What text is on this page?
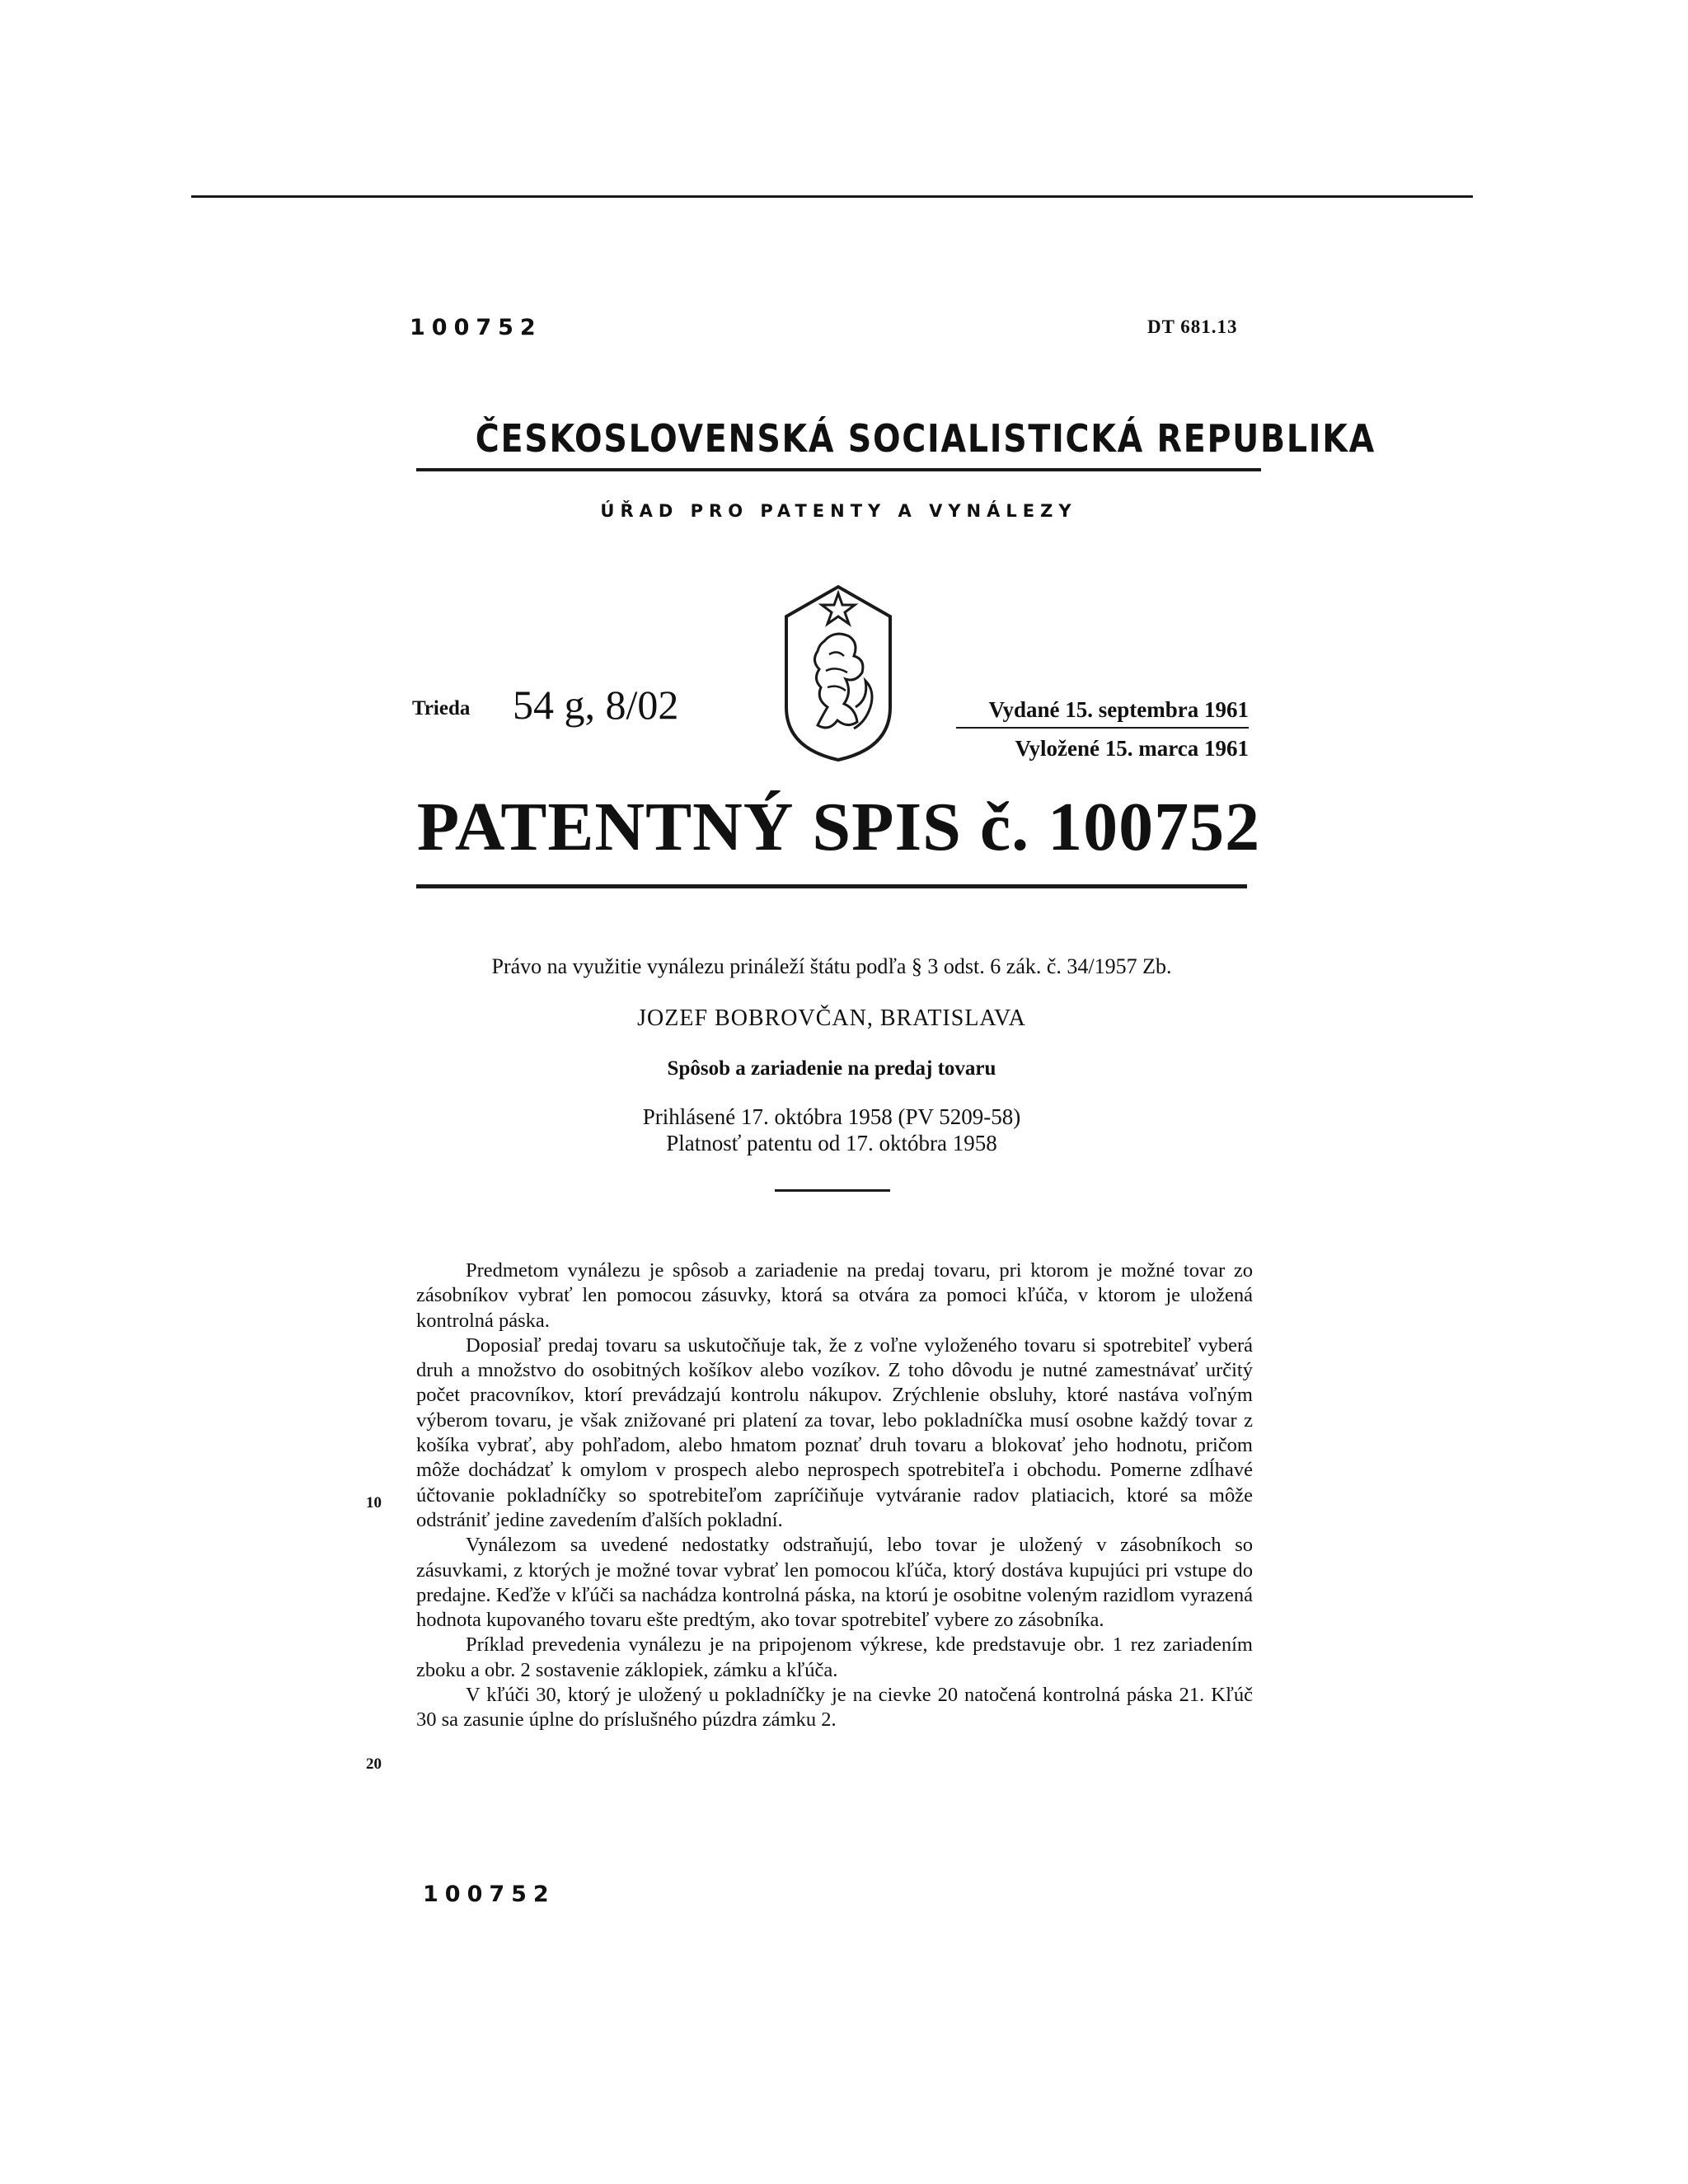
100752	DT 681.13
ČESKOSLOVENSKÁ SOCIALISTICKÁ REPUBLIKA
ÚŘAD PRO PATENTY A VYNÁLEZY
Trieda 54 g, 8/02	Vydané 15. septembra 1961
Vyložené 15. marca 1961
PATENTNÝ SPIS č. 100752
Právo na využitie vynálezu prináleží štátu podľa § 3 odst. 6 zák. č. 34/1957 Zb.
JOZEF BOBROVČAN, BRATISLAVA
Spôsob a zariadenie na predaj tovaru
Prihlásené 17. októbra 1958 (PV 5209-58)
Platnosť patentu od 17. októbra 1958

Predmetom vynálezu je spôsob a zariadenie na predaj tovaru, pri ktorom je možné tovar zo zásobníkov vybrať len pomocou zásuvky, ktorá sa otvára za pomoci kľúča, v ktorom je uložená kontrolná páska.

Doposiaľ predaj tovaru sa uskutočňuje tak, že z voľne vyloženého tovaru si spotrebiteľ vyberá druh a množstvo do osobitných košíkov alebo vozíkov. Z toho dôvodu je nutné zamestnávať určitý počet pracovníkov, ktorí prevádzajú kontrolu nákupov. Zrýchlenie obsluhy, ktoré nastáva voľným výberom tovaru, je však znižované pri platení za tovar, lebo pokladníčka musí osobne každý tovar z košíka vybrať, aby pohľadom, alebo hmatom poznať druh tovaru a blokovať jeho hodnotu, pričom môže dochádzať k omylom v prospech alebo neprospech spotrebiteľa i obchodu. Pomerne zdĺhavé účtovanie pokladníčky so spotrebiteľom zapríčiňuje vytváranie radov platiacich, ktoré sa môže odstrániť jedine zavedením ďalších pokladní.

Vynálezom sa uvedené nedostatky odstraňujú, lebo tovar je uložený v zásobníkoch so zásuvkami, z ktorých je možné tovar vybrať len pomocou kľúča, ktorý dostáva kupujúci pri vstupe do predajne. Keďže v kľúči sa nachádza kontrolná páska, na ktorú je osobitne voleným razidlom vyrazená hodnota kupovaného tovaru ešte predtým, ako tovar spotrebiteľ vybere zo zásobníka.

Príklad prevedenia vynálezu je na pripojenom výkrese, kde predstavuje obr. 1 rez zariadením zboku a obr. 2 sostavenie záklopiek, zámku a kľúča.

V kľúči 30, ktorý je uložený u pokladníčky je na cievke 20 natočená kontrolná páska 21. Kľúč 30 sa zasunie úplne do príslušného púzdra zámku 2.

10
20
100752
